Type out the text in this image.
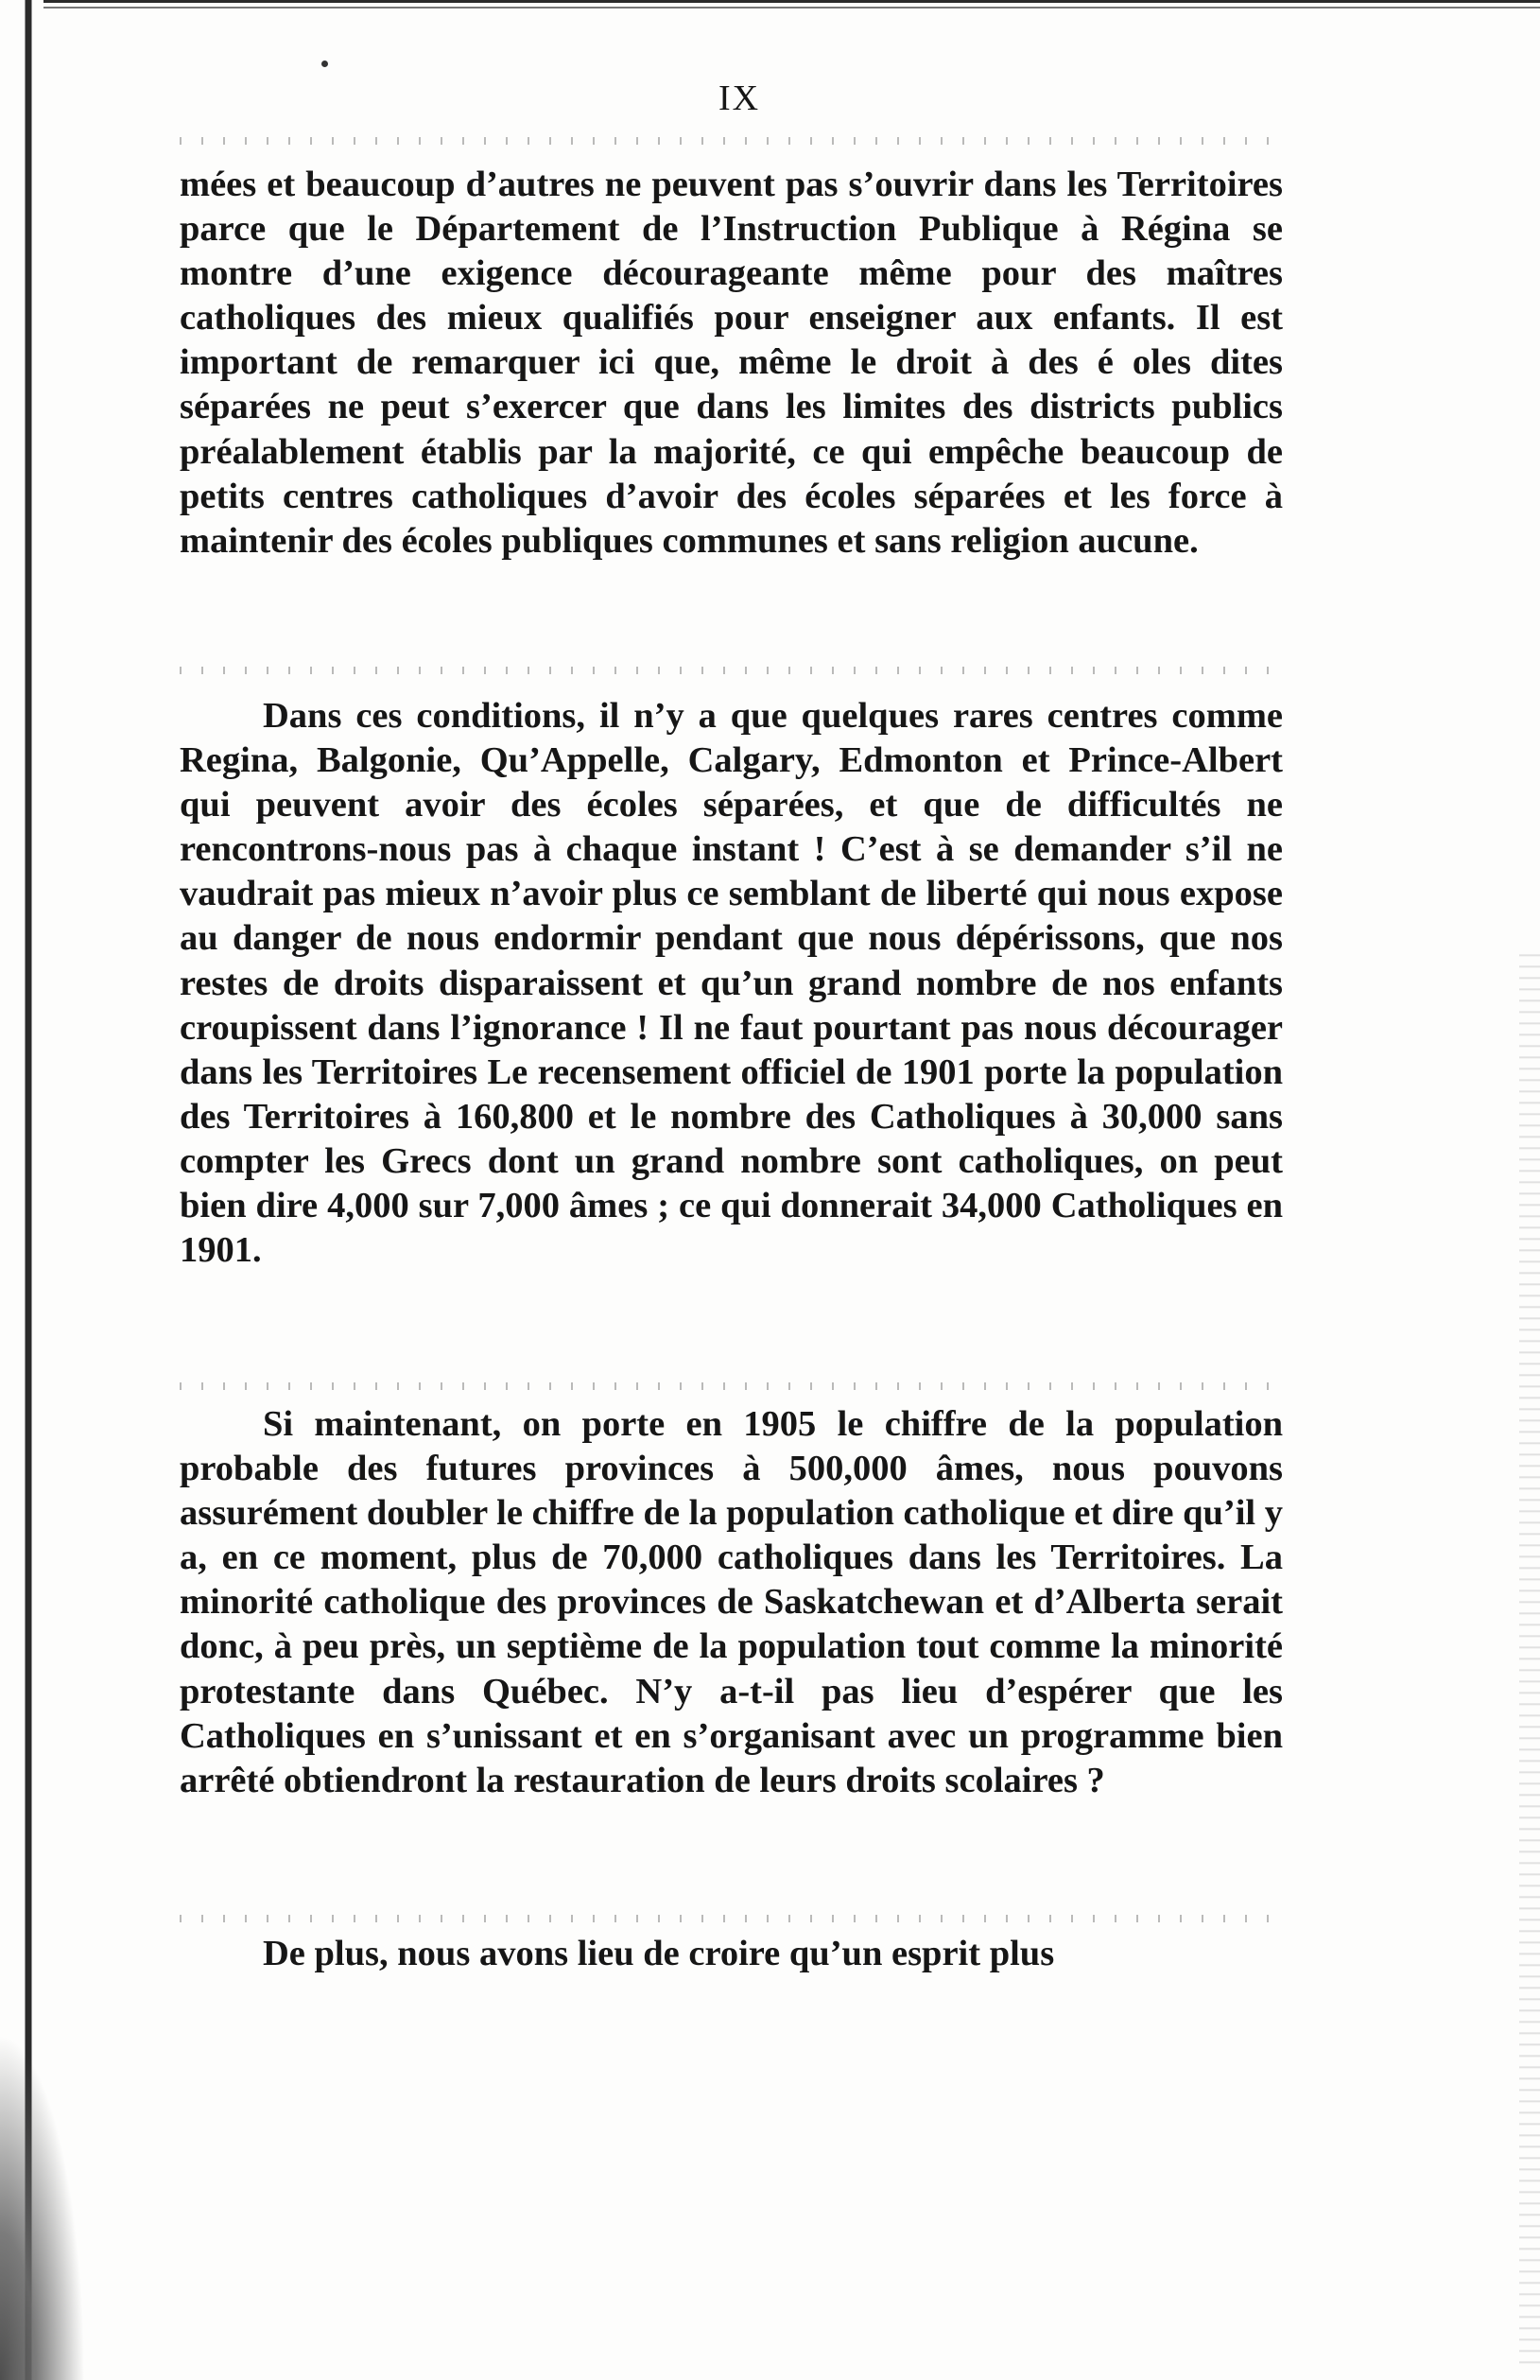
IX

mées et beaucoup d’autres ne peuvent pas s’ouvrir dans les Territoires parce que le Département de l’Instruction Publique à Régina se montre d’une exigence décourageante même pour des maîtres catholiques des mieux qualifiés pour enseigner aux enfants. Il est important de remarquer ici que, même le droit à des é oles dites séparées ne peut s’exercer que dans les limites des districts publics préalablement établis par la majorité, ce qui empêche beaucoup de petits centres catholiques d’avoir des écoles séparées et les force à maintenir des écoles publiques communes et sans religion aucune.

Dans ces conditions, il n’y a que quelques rares centres comme Regina, Balgonie, Qu’Appelle, Calgary, Edmonton et Prince-Albert qui peuvent avoir des écoles séparées, et que de difficultés ne rencontrons-nous pas à chaque instant ! C’est à se demander s’il ne vaudrait pas mieux n’avoir plus ce semblant de liberté qui nous expose au danger de nous endormir pendant que nous dépérissons, que nos restes de droits disparaissent et qu’un grand nombre de nos enfants croupissent dans l’ignorance ! Il ne faut pourtant pas nous décourager dans les Territoires Le recensement officiel de 1901 porte la population des Territoires à 160,800 et le nombre des Catholiques à 30,000 sans compter les Grecs dont un grand nombre sont catholiques, on peut bien dire 4,000 sur 7,000 âmes ; ce qui donnerait 34,000 Catholiques en 1901.

Si maintenant, on porte en 1905 le chiffre de la population probable des futures provinces à 500,000 âmes, nous pouvons assurément doubler le chiffre de la population catholique et dire qu’il y a, en ce moment, plus de 70,000 catholiques dans les Territoires. La minorité catholique des provinces de Saskatchewan et d’Alberta serait donc, à peu près, un septième de la population tout comme la minorité protestante dans Québec. N’y a-t-il pas lieu d’espérer que les Catholiques en s’unissant et en s’organisant avec un programme bien arrêté obtiendront la restauration de leurs droits scolaires ?

De plus, nous avons lieu de croire qu’un esprit plus
